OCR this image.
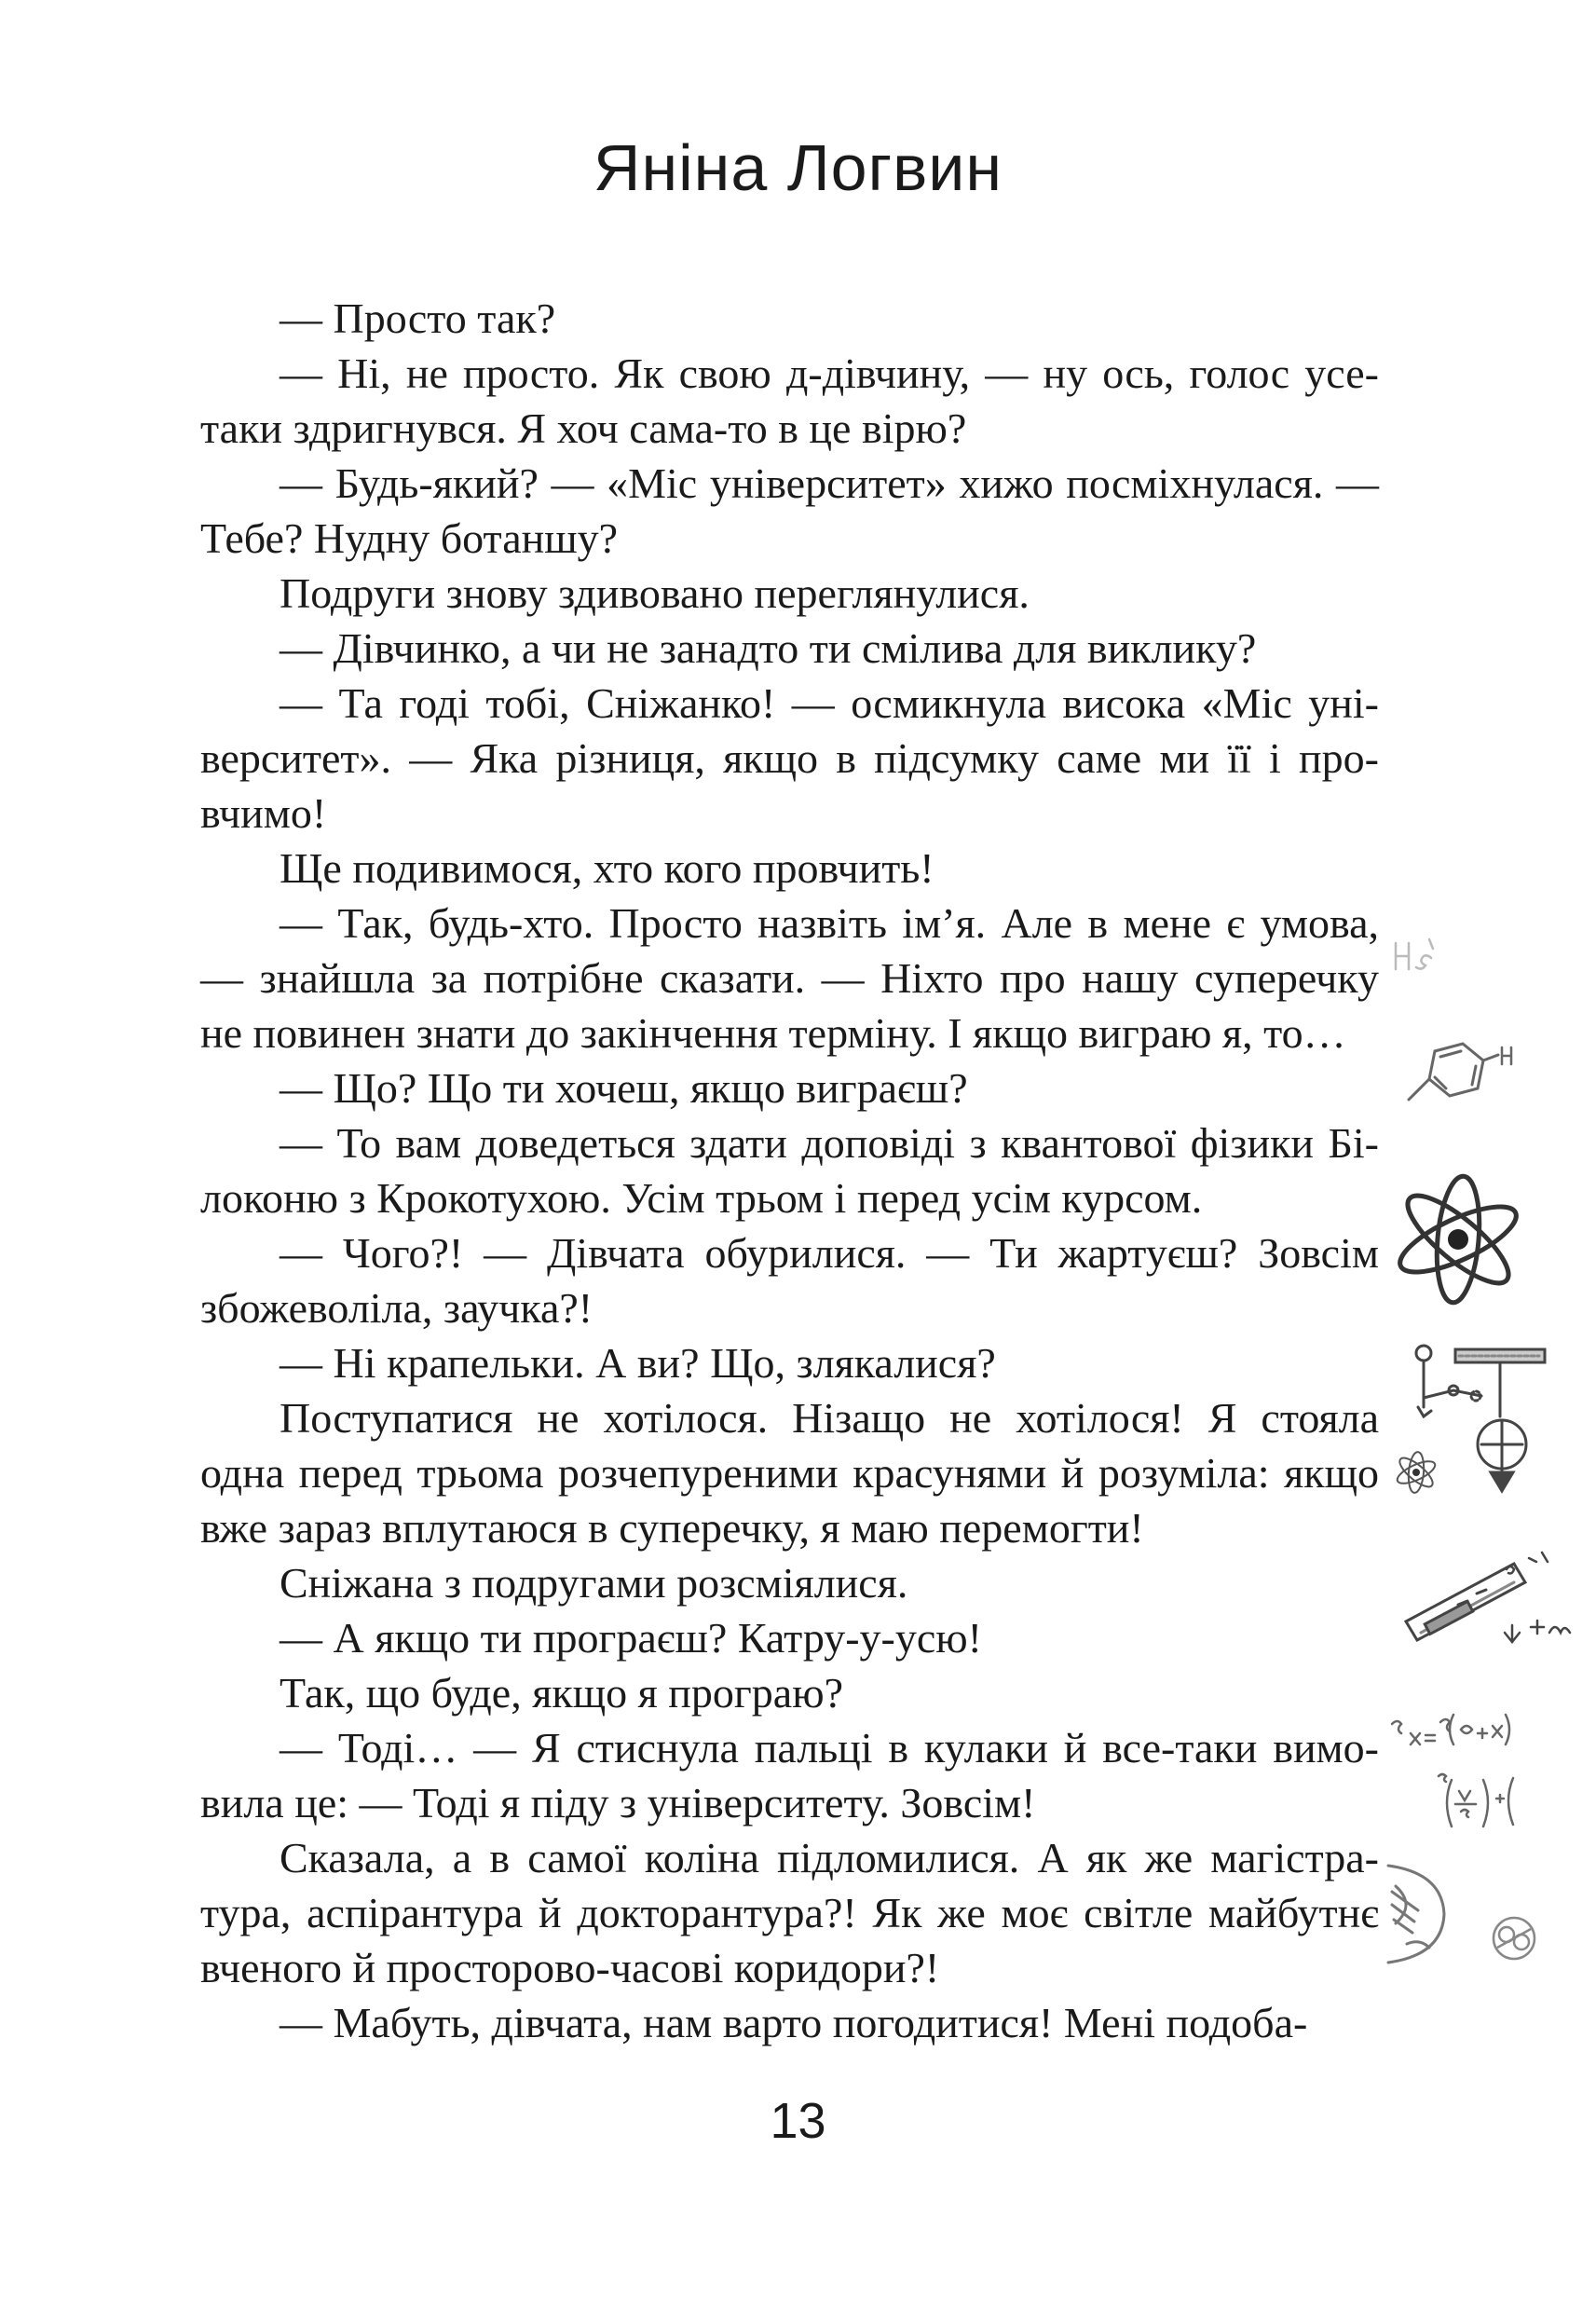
Яніна Логвин

— Просто так?

— Ні, не просто. Як свою д-дівчину, — ну ось, голос усе-таки здригнувся. Я хоч сама-то в це вірю?

— Будь-який? — «Міс університет» хижо посміхнулася. — Тебе? Нудну ботаншу?

Подруги знову здивовано переглянулися.

— Дівчинко, а чи не занадто ти смілива для виклику?

— Та годі тобі, Сніжанко! — осмикнула висока «Міс університет». — Яка різниця, якщо в підсумку саме ми її і провчимо!

Ще подивимося, хто кого провчить!

— Так, будь-хто. Просто назвіть ім’я. Але в мене є умова, — знайшла за потрібне сказати. — Ніхто про нашу суперечку не повинен знати до закінчення терміну. І якщо виграю я, то…

— Що? Що ти хочеш, якщо виграєш?

— То вам доведеться здати доповіді з квантової фізики Білоконю з Крокотухою. Усім трьом і перед усім курсом.

— Чого?! — Дівчата обурилися. — Ти жартуєш? Зовсім збожеволіла, заучка?!

— Ні крапельки. А ви? Що, злякалися?

Поступатися не хотілося. Нізащо не хотілося! Я стояла одна перед трьома розчепуреними красунями й розуміла: якщо вже зараз вплутаюся в суперечку, я маю перемогти!

Сніжана з подругами розсміялися.

— А якщо ти програєш? Катру-у-усю!

Так, що буде, якщо я програю?

— Тоді… — Я стиснула пальці в кулаки й все-таки вимовила це: — Тоді я піду з університету. Зовсім!

Сказала, а в самої коліна підломилися. А як же магістратура, аспірантура й докторантура?! Як же моє світле майбутнє вченого й просторово-часові коридори?!

— Мабуть, дівчата, нам варто погодитися! Мені подоба-

13
